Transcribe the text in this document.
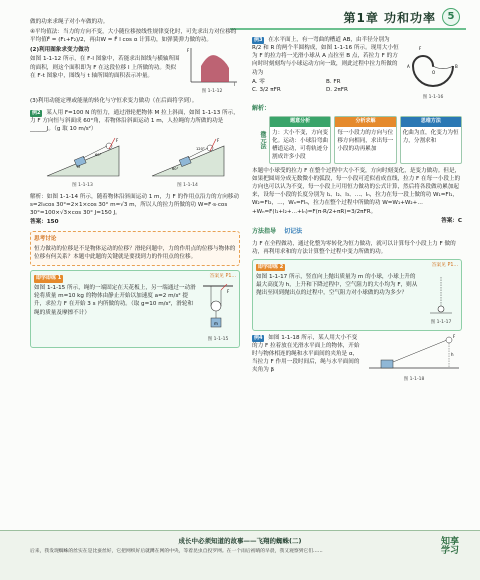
第1章 功和功率	5

做的功来求绳子对小车做的功。

④平均值法：当力的方向不变，大小随位移按线性规律变化时，可先求出力对位移的平均值F̄ = (F₁+F₂)/2，再由W = F̄ l cos α 计算功，如弹簧弹力做的功。

(2)利用图象求变力做功

如图 1-1-12 所示，在 F-l 图象中，若能求出图线与横轴所围的面积，则这个面积即为 F 在这段位移 l 上所做的功。类似在 F-t 图象中，图线与 t 轴所围的面积表示冲量。

F
l
图 1-1-12

(3)利用动能定理或能量的转化与守恒求变力做功（在后面将学到）。

例2 某人用 F=100 N 的恒力，通过滑轮把物体 M 拉上斜面，如图 1-1-13 所示，力 F 方向恒与斜面成 60°角，若物体沿斜面运动 1 m，人拉绳的力所做的功是______J。（g 取 10 m/s²）

F
60°
M
图 1-1-13
F
120°
60°
图 1-1-14

解析：如图 1-1-14 所示，随着物体沿斜面运动 1 m，力 F 的作用点沿力的方向移动 s=2l₀cos 30°=2×1×cos 30° m=√3 m，所以人的拉力所做的功 W=F·s·cos 30°=100×√3×cos 30° J=150 J。

答案：150

思考讨论

恒力做功的位移是不是物体运动的位移？滑轮问题中，力的作用点的位移与物体的位移有何关系？本题中此题的关键就是要找到力的作用点的位移。

即学即练 1	答案见 P1...

如图 1-1-15 所示，绳的一端固定在天花板上，另一端通过一动滑轮将质量 m=10 kg 的物体由静止开始以加速度 a=2 m/s² 提升，求拉力 F 在开始 3 s 内所做的功。（取 g=10 m/s²，滑轮和绳的质量及摩擦不计）

F
m
图 1-1-15

例3 在水平面上，有一弯曲的槽道 AB，由半径分别为 R/2 和 R 的两个半圆构成，如图 1-1-16 所示。现用大小恒为 F 的拉力将一光滑小球从 A 点拉至 B 点，若拉力 F 的方向时时刻刻均与小球运动方向一致，则此过程中拉力所做的功为

A. 零	B. FR
C. 3/2 πFR	D. 2πFR
A	B
O
F
图 1-1-16

解析：

微元法
题意分析
力：大小不变，方向变化。运动：小球沿弯曲槽道运动，可将轨迹分割成许多小段
分析求解
每一小段力的方向与位移方向相同，求出每一小段的功再累加
思维方法
化曲为直，化变力为恒力，分割求和

本题中小球受的拉力 F 在整个过程中大小不变，方向时刻变化，是变力做功。但是，如果把圆周分成无数微小的弧段，每一小段可近似看成直线，拉力 F 在每一小段上的方向也可以认为不变，每一小段上可用恒力做功的公式计算，然后将各段做功累加起来，设每一小段的长度分别为 l₁、l₂、l₃、…、lₙ，拉力在每一段上做的功 W₁=Fl₁，W₂=Fl₂，…，Wₙ=Flₙ，拉力在整个过程中所做的功 W=W₁+W₂+…+Wₙ=F(l₁+l₂+…+lₙ)=F(π·R/2+πR)=3/2πFR。

答案：C

方法指导 切记法

力 F 在全程做功，通过化整为零转化为恒力做功，就可以计算每个小段上力 F 做的功，再利用求和的方法计算整个过程中变力所做的功。

即学即练 2	答案见 P1...

如图 1-1-17 所示，竖直向上抛出质量为 m 的小球，小球上升的最大高度为 h，上升和下降过程中，空气阻力的大小均为 F，则从抛出至回到抛出点的过程中，空气阻力对小球做的功为多少？

图 1-1-17

例4 如图 1-1-18 所示，某人用大小不变的力 F 拉着放在光滑水平面上的物体，开始时与物体相连的绳和水平面间的夹角是 α，当拉力 F 作用一段时间后，绳与水平面间的夹角为 β

h
F
图 1-1-18
成长中必须知道的故事——飞翔的蜘蛛(二)
后来，我发现蜘蛛的丝实在是比蚕丝好，它把网织好后就蹲在网的中央，等着昆虫自投罗网。在一个雨后初晴的早晨，我又观察到它们……
知享
学习
